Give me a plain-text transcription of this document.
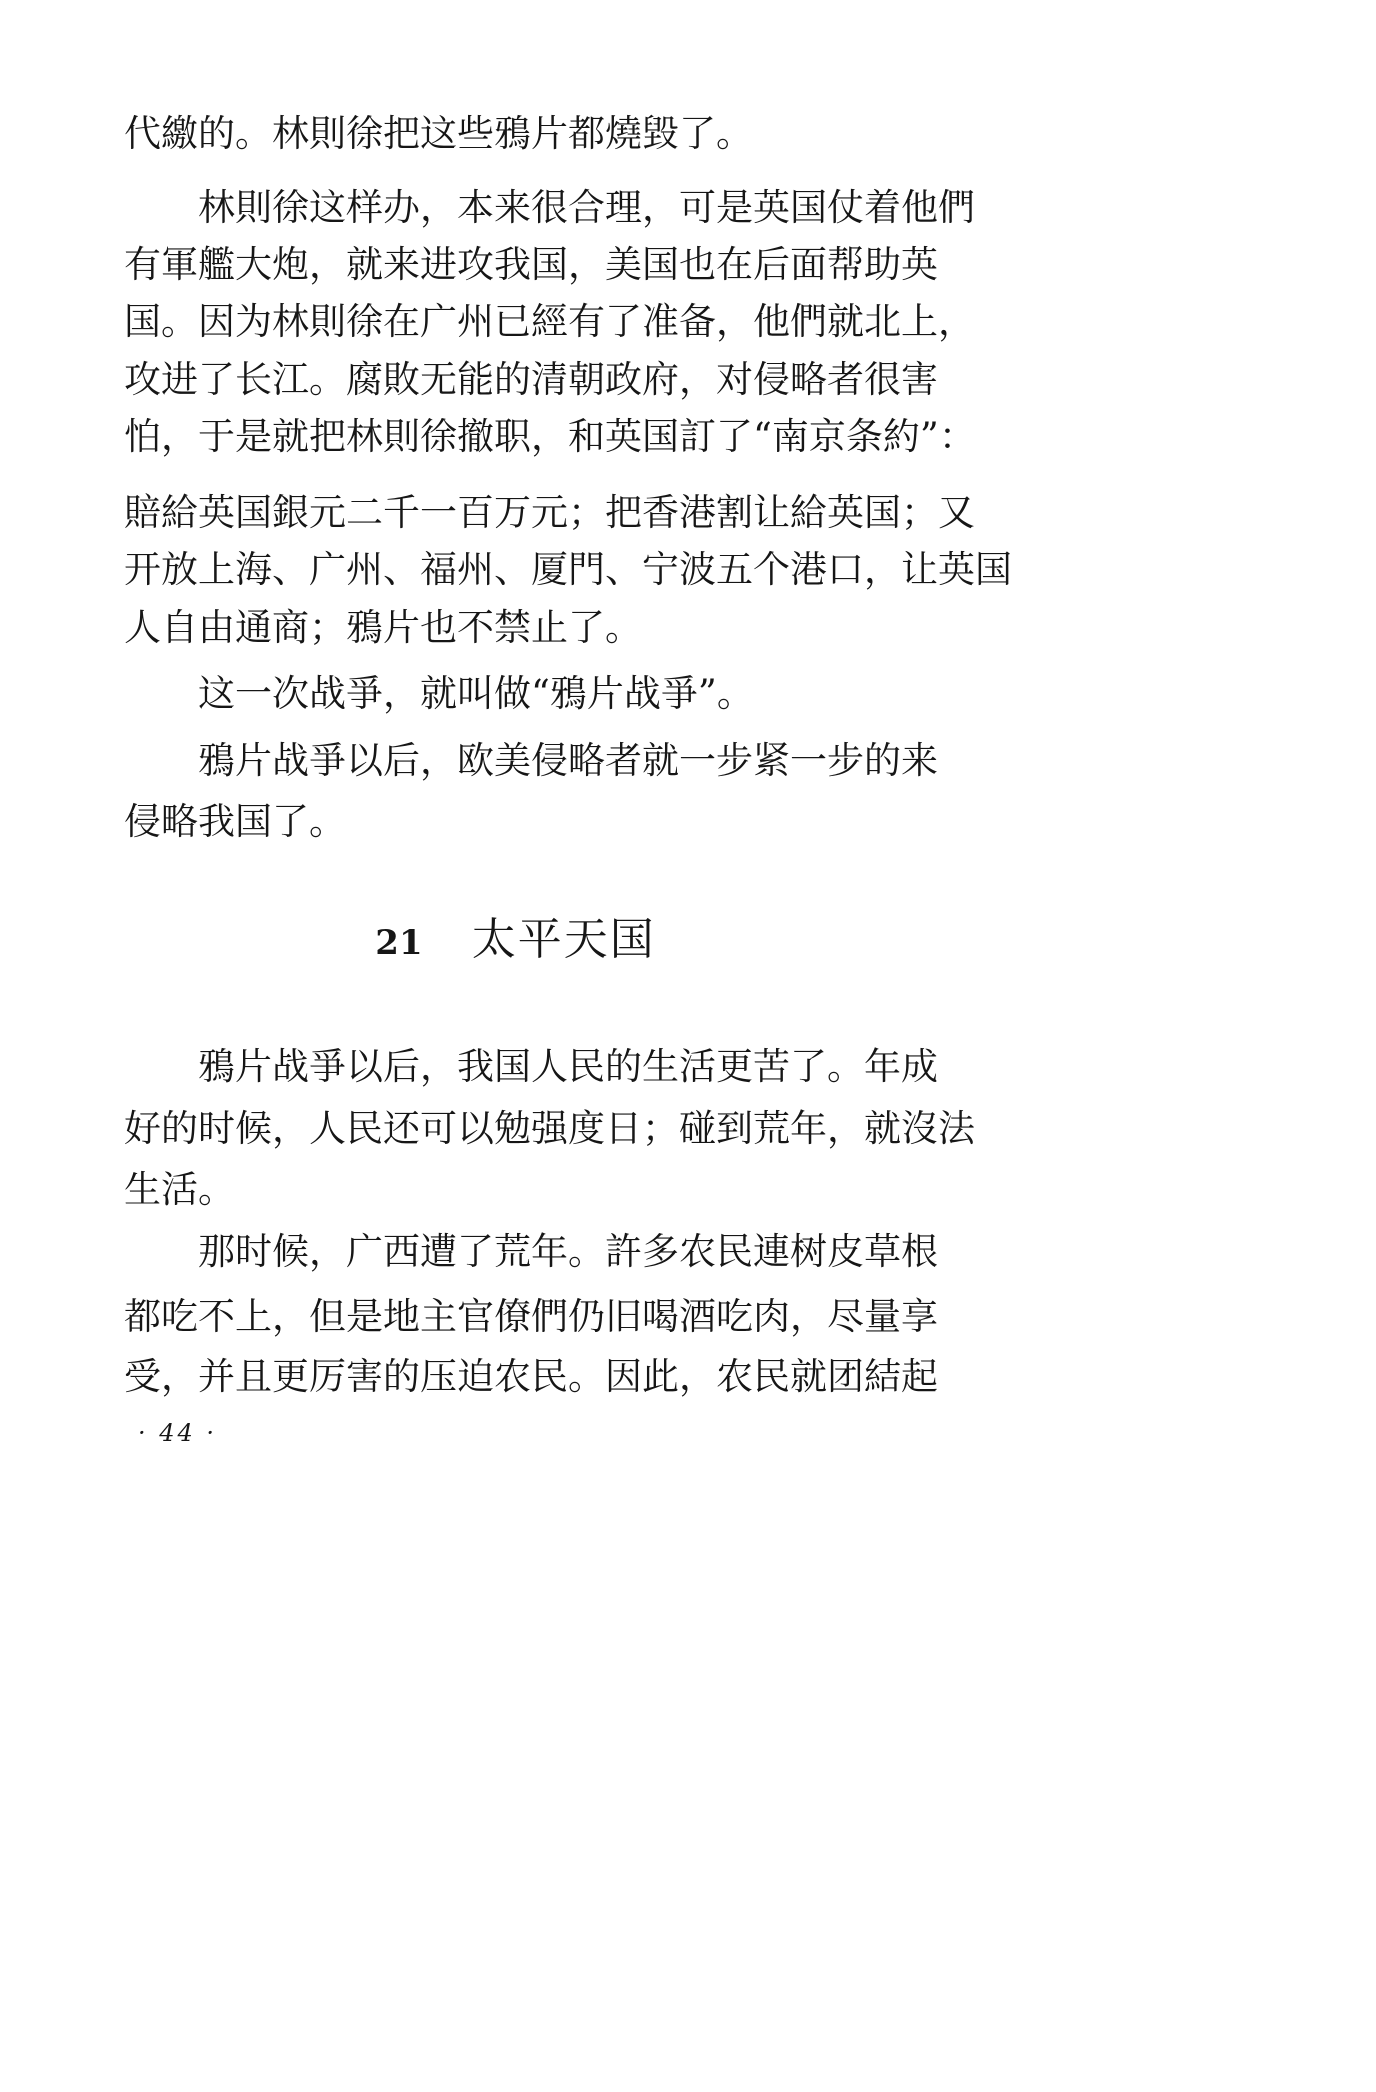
代繳的。林則徐把这些鴉片都燒毀了。
林則徐这样办，本来很合理，可是英国仗着他們
有軍艦大炮，就来进攻我国，美国也在后面帮助英
国。因为林則徐在广州已經有了准备，他們就北上，
攻进了长江。腐敗无能的清朝政府，对侵略者很害
怕，于是就把林則徐撤职，和英国訂了“南京条約”：
賠給英国銀元二千一百万元；把香港割让給英国；又
开放上海、广州、福州、厦門、宁波五个港口，让英国
人自由通商；鴉片也不禁止了。
这一次战爭，就叫做“鴉片战爭”。
鴉片战爭以后，欧美侵略者就一步紧一步的来
侵略我国了。
21 太平天国
鴉片战爭以后，我国人民的生活更苦了。年成
好的时候，人民还可以勉强度日；碰到荒年，就沒法
生活。
那时候，广西遭了荒年。許多农民連树皮草根
都吃不上，但是地主官僚們仍旧喝酒吃肉，尽量享
受，并且更厉害的压迫农民。因此，农民就团結起
· 44 ·
